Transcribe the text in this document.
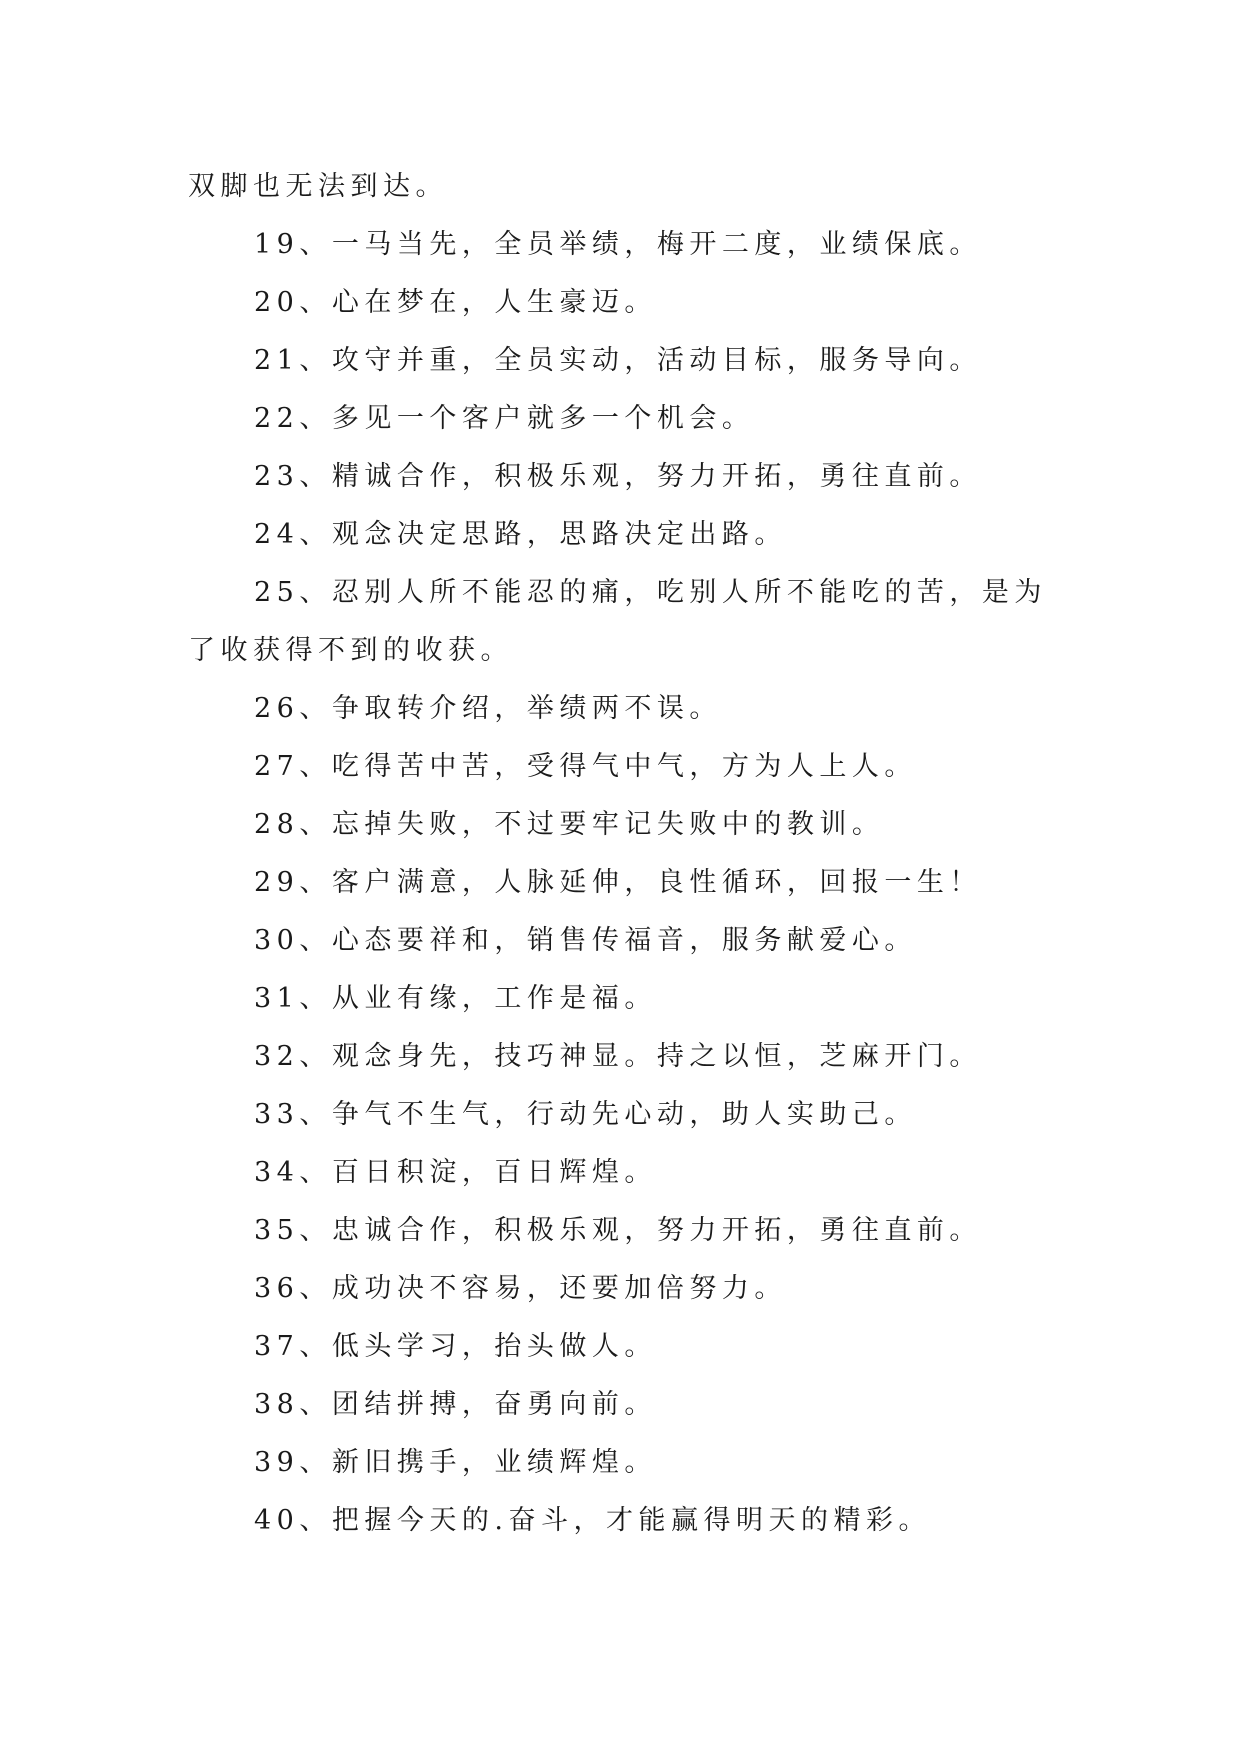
双脚也无法到达。
19、一马当先，全员举绩，梅开二度，业绩保底。
20、心在梦在，人生豪迈。
21、攻守并重，全员实动，活动目标，服务导向。
22、多见一个客户就多一个机会。
23、精诚合作，积极乐观，努力开拓，勇往直前。
24、观念决定思路，思路决定出路。
25、忍别人所不能忍的痛，吃别人所不能吃的苦，是为
了收获得不到的收获。
26、争取转介绍，举绩两不误。
27、吃得苦中苦，受得气中气，方为人上人。
28、忘掉失败，不过要牢记失败中的教训。
29、客户满意，人脉延伸，良性循环，回报一生！
30、心态要祥和，销售传福音，服务献爱心。
31、从业有缘，工作是福。
32、观念身先，技巧神显。持之以恒，芝麻开门。
33、争气不生气，行动先心动，助人实助己。
34、百日积淀，百日辉煌。
35、忠诚合作，积极乐观，努力开拓，勇往直前。
36、成功决不容易，还要加倍努力。
37、低头学习，抬头做人。
38、团结拼搏，奋勇向前。
39、新旧携手，业绩辉煌。
40、把握今天的.奋斗，才能赢得明天的精彩。
